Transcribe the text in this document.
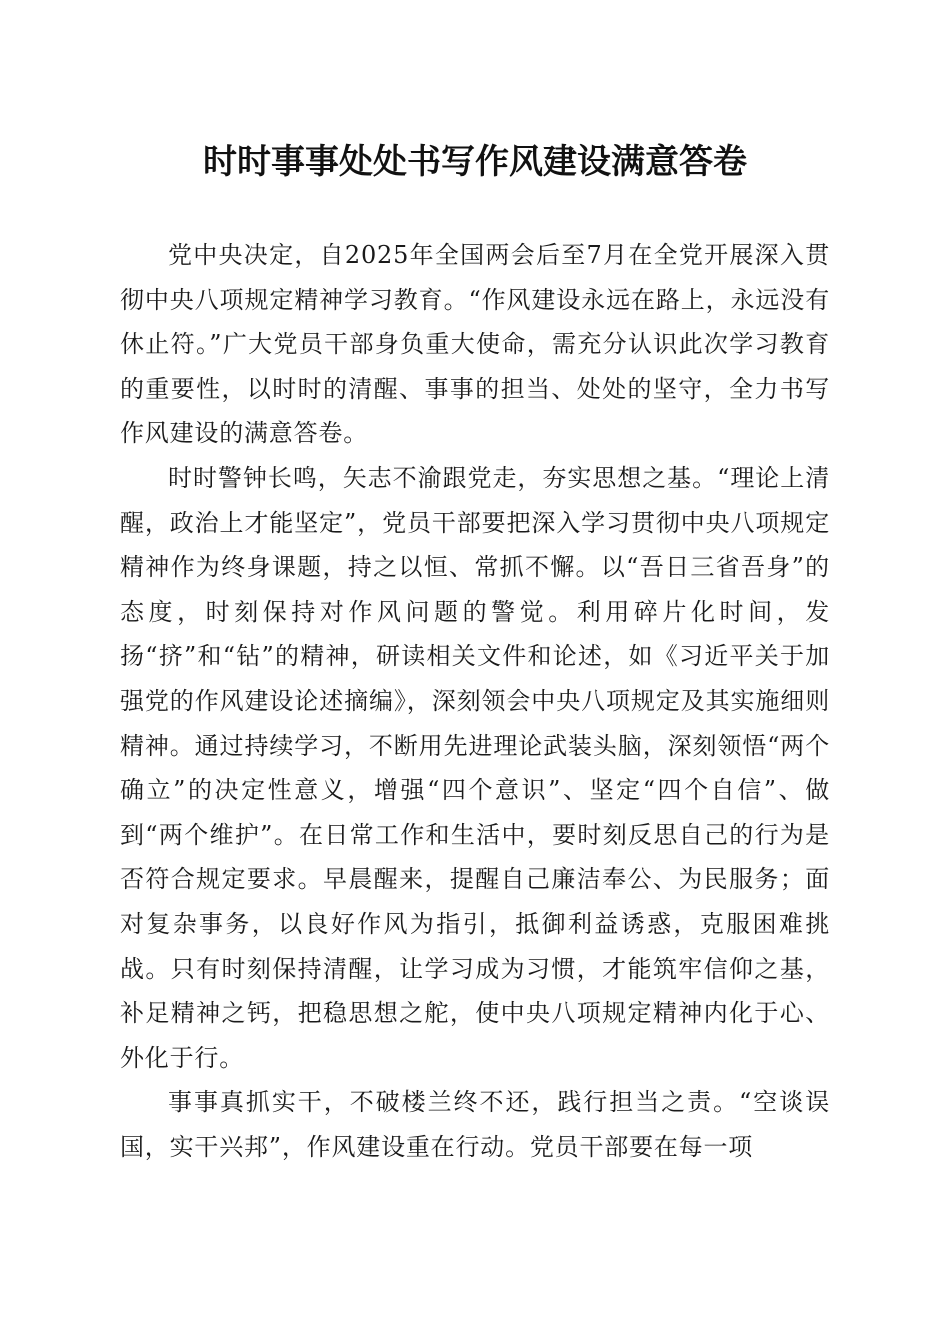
时时事事处处书写作风建设满意答卷

党中央决定，自2025年全国两会后至7月在全党开展深入贯彻中央八项规定精神学习教育。“作风建设永远在路上，永远没有休止符。”广大党员干部身负重大使命，需充分认识此次学习教育的重要性，以时时的清醒、事事的担当、处处的坚守，全力书写作风建设的满意答卷。

时时警钟长鸣，矢志不渝跟党走，夯实思想之基。“理论上清醒，政治上才能坚定”，党员干部要把深入学习贯彻中央八项规定精神作为终身课题，持之以恒、常抓不懈。以“吾日三省吾身”的态度，时刻保持对作风问题的警觉。利用碎片化时间，发扬“挤”和“钻”的精神，研读相关文件和论述，如《习近平关于加强党的作风建设论述摘编》，深刻领会中央八项规定及其实施细则精神。通过持续学习，不断用先进理论武装头脑，深刻领悟“两个确立”的决定性意义，增强“四个意识”、坚定“四个自信”、做到“两个维护”。在日常工作和生活中，要时刻反思自己的行为是否符合规定要求。早晨醒来，提醒自己廉洁奉公、为民服务；面对复杂事务，以良好作风为指引，抵御利益诱惑，克服困难挑战。只有时刻保持清醒，让学习成为习惯，才能筑牢信仰之基，补足精神之钙，把稳思想之舵，使中央八项规定精神内化于心、外化于行。

事事真抓实干，不破楼兰终不还，践行担当之责。“空谈误国，实干兴邦”，作风建设重在行动。党员干部要在每一项
